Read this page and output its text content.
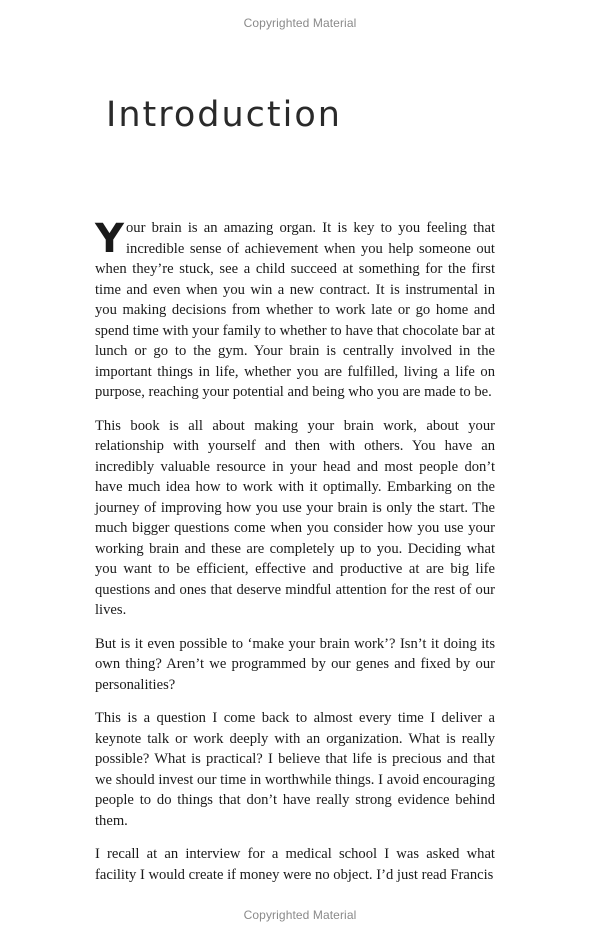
Copyrighted Material
Introduction

Your brain is an amazing organ. It is key to you feeling that incredible sense of achievement when you help someone out when they’re stuck, see a child succeed at something for the first time and even when you win a new contract. It is instrumental in you making decisions from whether to work late or go home and spend time with your family to whether to have that chocolate bar at lunch or go to the gym. Your brain is centrally involved in the important things in life, whether you are fulfilled, living a life on purpose, reaching your potential and being who you are made to be.

This book is all about making your brain work, about your relationship with yourself and then with others. You have an incredibly valuable resource in your head and most people don’t have much idea how to work with it optimally. Embarking on the journey of improving how you use your brain is only the start. The much bigger questions come when you consider how you use your working brain and these are completely up to you. Deciding what you want to be efficient, effective and productive at are big life questions and ones that deserve mindful attention for the rest of our lives.

But is it even possible to ‘make your brain work’? Isn’t it doing its own thing? Aren’t we programmed by our genes and fixed by our personalities?

This is a question I come back to almost every time I deliver a keynote talk or work deeply with an organization. What is really possible? What is practical? I believe that life is precious and that we should invest our time in worthwhile things. I avoid encouraging people to do things that don’t have really strong evidence behind them.

I recall at an interview for a medical school I was asked what facility I would create if money were no object. I’d just read Francis

Copyrighted Material
